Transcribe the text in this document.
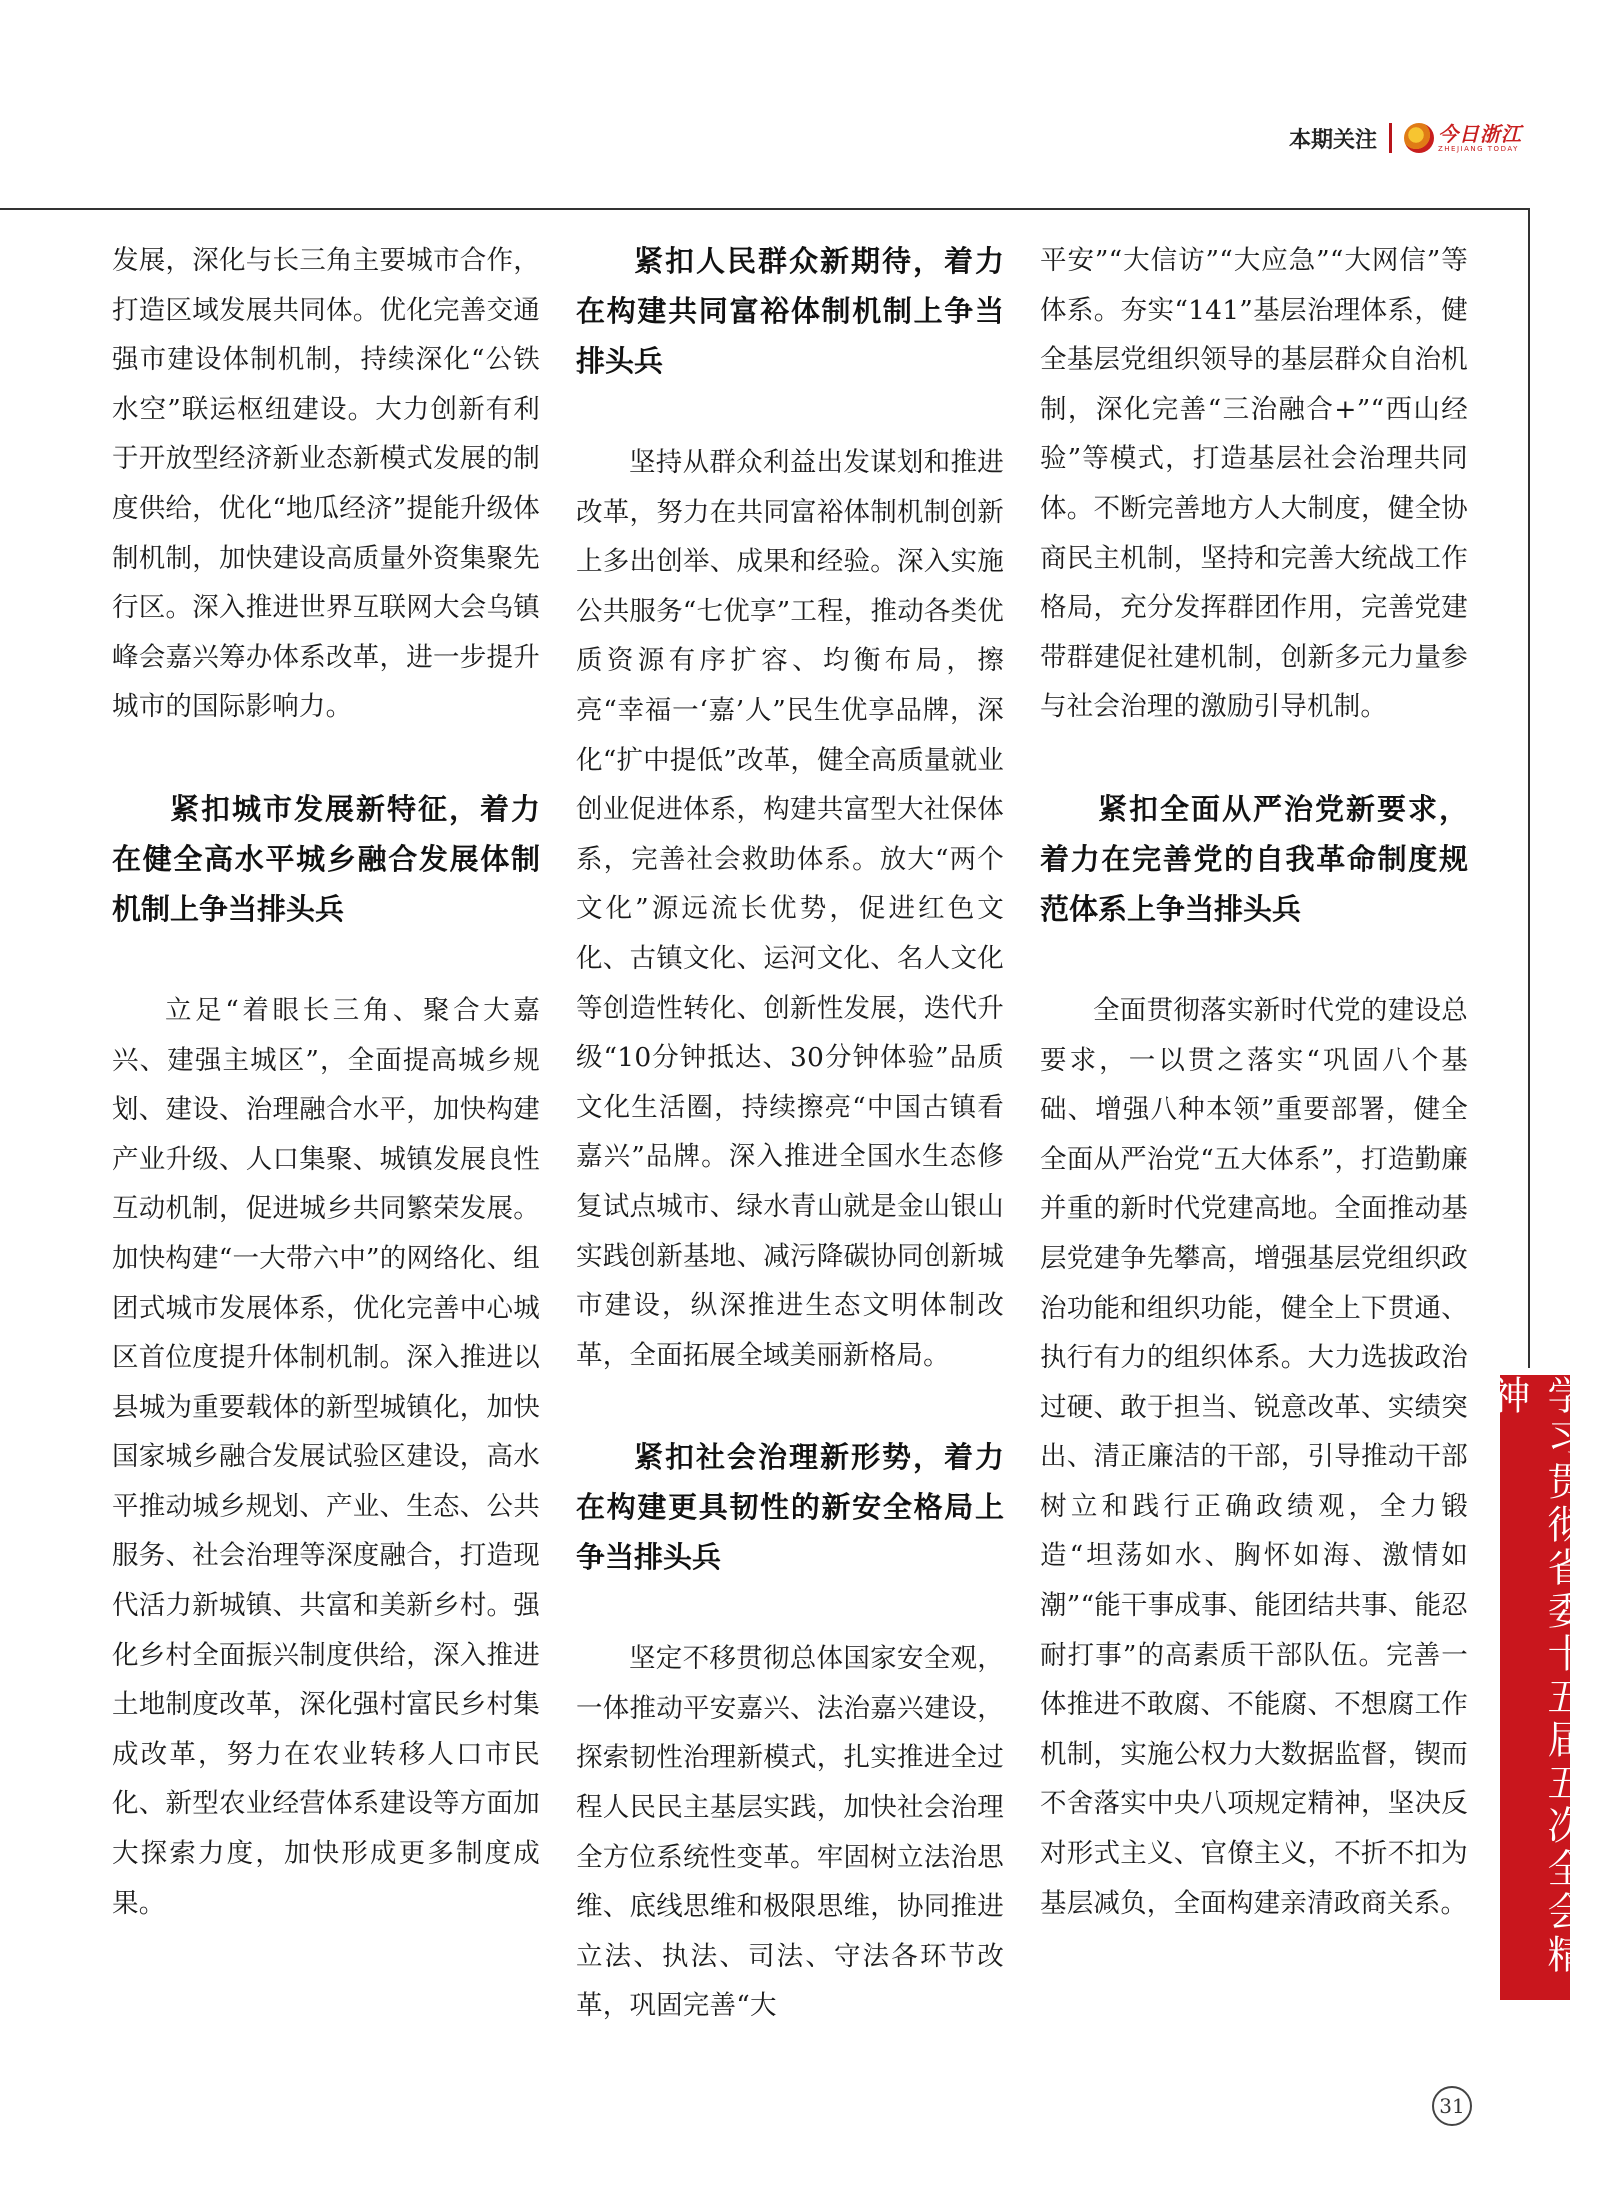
本期关注	今日浙江
ZHEJIANG TODAY

发展，深化与长三角主要城市合作，打造区域发展共同体。优化完善交通强市建设体制机制，持续深化“公铁水空”联运枢纽建设。大力创新有利于开放型经济新业态新模式发展的制度供给，优化“地瓜经济”提能升级体制机制，加快建设高质量外资集聚先行区。深入推进世界互联网大会乌镇峰会嘉兴筹办体系改革，进一步提升城市的国际影响力。

紧扣城市发展新特征，着力在健全高水平城乡融合发展体制机制上争当排头兵

立足“着眼长三角、聚合大嘉兴、建强主城区”，全面提高城乡规划、建设、治理融合水平，加快构建产业升级、人口集聚、城镇发展良性互动机制，促进城乡共同繁荣发展。加快构建“一大带六中”的网络化、组团式城市发展体系，优化完善中心城区首位度提升体制机制。深入推进以县城为重要载体的新型城镇化，加快国家城乡融合发展试验区建设，高水平推动城乡规划、产业、生态、公共服务、社会治理等深度融合，打造现代活力新城镇、共富和美新乡村。强化乡村全面振兴制度供给，深入推进土地制度改革，深化强村富民乡村集成改革，努力在农业转移人口市民化、新型农业经营体系建设等方面加大探索力度，加快形成更多制度成果。

紧扣人民群众新期待，着力在构建共同富裕体制机制上争当排头兵

坚持从群众利益出发谋划和推进改革，努力在共同富裕体制机制创新上多出创举、成果和经验。深入实施公共服务“七优享”工程，推动各类优质资源有序扩容、均衡布局，擦亮“幸福一‘嘉’人”民生优享品牌，深化“扩中提低”改革，健全高质量就业创业促进体系，构建共富型大社保体系，完善社会救助体系。放大“两个文化”源远流长优势，促进红色文化、古镇文化、运河文化、名人文化等创造性转化、创新性发展，迭代升级“10分钟抵达、30分钟体验”品质文化生活圈，持续擦亮“中国古镇看嘉兴”品牌。深入推进全国水生态修复试点城市、绿水青山就是金山银山实践创新基地、减污降碳协同创新城市建设，纵深推进生态文明体制改革，全面拓展全域美丽新格局。

紧扣社会治理新形势，着力在构建更具韧性的新安全格局上争当排头兵

坚定不移贯彻总体国家安全观，一体推动平安嘉兴、法治嘉兴建设，探索韧性治理新模式，扎实推进全过程人民民主基层实践，加快社会治理全方位系统性变革。牢固树立法治思维、底线思维和极限思维，协同推进立法、执法、司法、守法各环节改革，巩固完善“大

平安”“大信访”“大应急”“大网信”等体系。夯实“141”基层治理体系，健全基层党组织领导的基层群众自治机制，深化完善“三治融合+”“西山经验”等模式，打造基层社会治理共同体。不断完善地方人大制度，健全协商民主机制，坚持和完善大统战工作格局，充分发挥群团作用，完善党建带群建促社建机制，创新多元力量参与社会治理的激励引导机制。

紧扣全面从严治党新要求，着力在完善党的自我革命制度规范体系上争当排头兵

全面贯彻落实新时代党的建设总要求，一以贯之落实“巩固八个基础、增强八种本领”重要部署，健全全面从严治党“五大体系”，打造勤廉并重的新时代党建高地。全面推动基层党建争先攀高，增强基层党组织政治功能和组织功能，健全上下贯通、执行有力的组织体系。大力选拔政治过硬、敢于担当、锐意改革、实绩突出、清正廉洁的干部，引导推动干部树立和践行正确政绩观，全力锻造“坦荡如水、胸怀如海、激情如潮”“能干事成事、能团结共事、能忍耐打事”的高素质干部队伍。完善一体推进不敢腐、不能腐、不想腐工作机制，实施公权力大数据监督，锲而不舍落实中央八项规定精神，坚决反对形式主义、官僚主义，不折不扣为基层减负，全面构建亲清政商关系。	学习贯彻省委十五届五次全会精神
31
